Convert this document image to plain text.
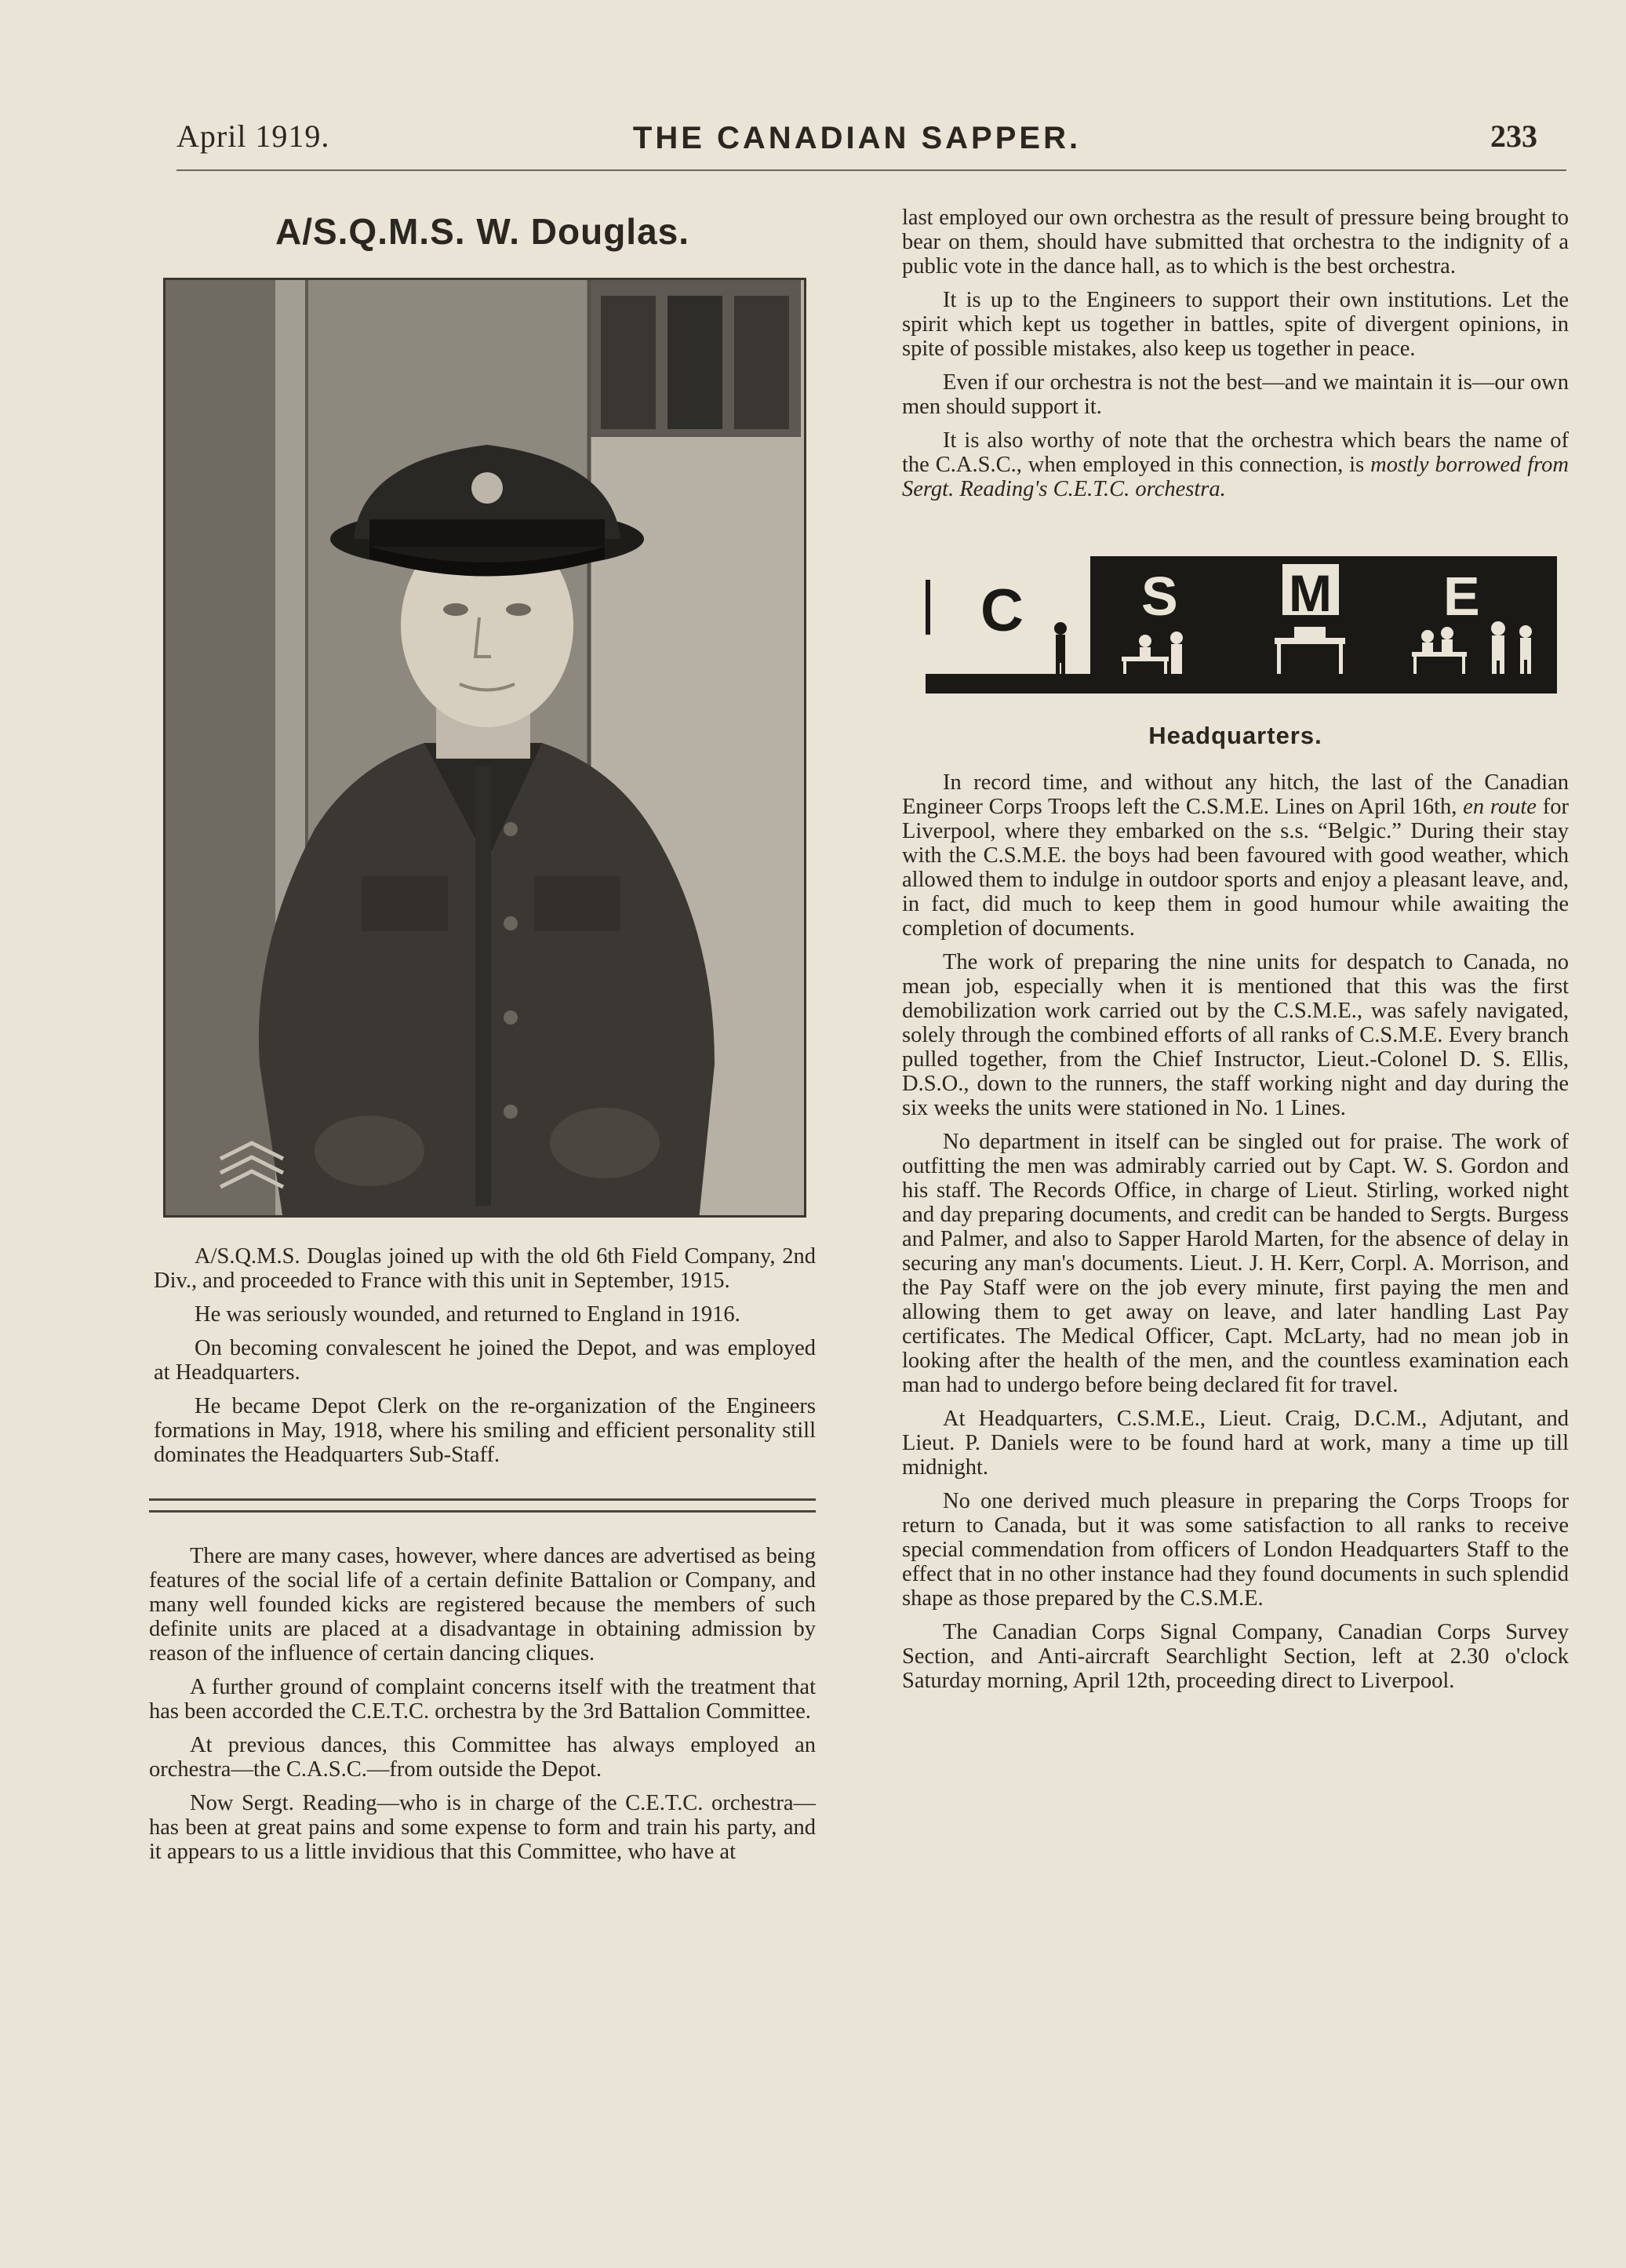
April 1919.	THE CANADIAN SAPPER.	233
A/S.Q.M.S. W. Douglas.

A/S.Q.M.S. Douglas joined up with the old 6th Field Company, 2nd Div., and proceeded to France with this unit in September, 1915.

He was seriously wounded, and returned to England in 1916.

On becoming convalescent he joined the Depot, and was employed at Headquarters.

He became Depot Clerk on the re-organization of the Engineers formations in May, 1918, where his smiling and efficient personality still dominates the Headquarters Sub-Staff.

There are many cases, however, where dances are advertised as being features of the social life of a certain definite Battalion or Company, and many well founded kicks are registered because the members of such definite units are placed at a disadvantage in obtaining admission by reason of the influence of certain dancing cliques.

A further ground of complaint concerns itself with the treatment that has been accorded the C.E.T.C. orchestra by the 3rd Battalion Committee.

At previous dances, this Committee has always employed an orchestra—the C.A.S.C.—from outside the Depot.

Now Sergt. Reading—who is in charge of the C.E.T.C. orchestra—has been at great pains and some expense to form and train his party, and it appears to us a little invidious that this Committee, who have at

last employed our own orchestra as the result of pressure being brought to bear on them, should have submitted that orchestra to the indignity of a public vote in the dance hall, as to which is the best orchestra.

It is up to the Engineers to support their own institutions. Let the spirit which kept us together in battles, spite of divergent opinions, in spite of possible mistakes, also keep us together in peace.

Even if our orchestra is not the best—and we maintain it is—our own men should support it.

It is also worthy of note that the orchestra which bears the name of the C.A.S.C., when employed in this connection, is mostly borrowed from Sergt. Reading's C.E.T.C. orchestra.

C S M E
Headquarters.

In record time, and without any hitch, the last of the Canadian Engineer Corps Troops left the C.S.M.E. Lines on April 16th, en route for Liverpool, where they embarked on the s.s. “Belgic.” During their stay with the C.S.M.E. the boys had been favoured with good weather, which allowed them to indulge in outdoor sports and enjoy a pleasant leave, and, in fact, did much to keep them in good humour while awaiting the completion of documents.

The work of preparing the nine units for despatch to Canada, no mean job, especially when it is mentioned that this was the first demobilization work carried out by the C.S.M.E., was safely navigated, solely through the combined efforts of all ranks of C.S.M.E. Every branch pulled together, from the Chief Instructor, Lieut.-Colonel D. S. Ellis, D.S.O., down to the runners, the staff working night and day during the six weeks the units were stationed in No. 1 Lines.

No department in itself can be singled out for praise. The work of outfitting the men was admirably carried out by Capt. W. S. Gordon and his staff. The Records Office, in charge of Lieut. Stirling, worked night and day preparing documents, and credit can be handed to Sergts. Burgess and Palmer, and also to Sapper Harold Marten, for the absence of delay in securing any man's documents. Lieut. J. H. Kerr, Corpl. A. Morrison, and the Pay Staff were on the job every minute, first paying the men and allowing them to get away on leave, and later handling Last Pay certificates. The Medical Officer, Capt. McLarty, had no mean job in looking after the health of the men, and the countless examination each man had to undergo before being declared fit for travel.

At Headquarters, C.S.M.E., Lieut. Craig, D.C.M., Adjutant, and Lieut. P. Daniels were to be found hard at work, many a time up till midnight.

No one derived much pleasure in preparing the Corps Troops for return to Canada, but it was some satisfaction to all ranks to receive special commendation from officers of London Headquarters Staff to the effect that in no other instance had they found documents in such splendid shape as those prepared by the C.S.M.E.

The Canadian Corps Signal Company, Canadian Corps Survey Section, and Anti-aircraft Searchlight Section, left at 2.30 o'clock Saturday morning, April 12th, proceeding direct to Liverpool.
